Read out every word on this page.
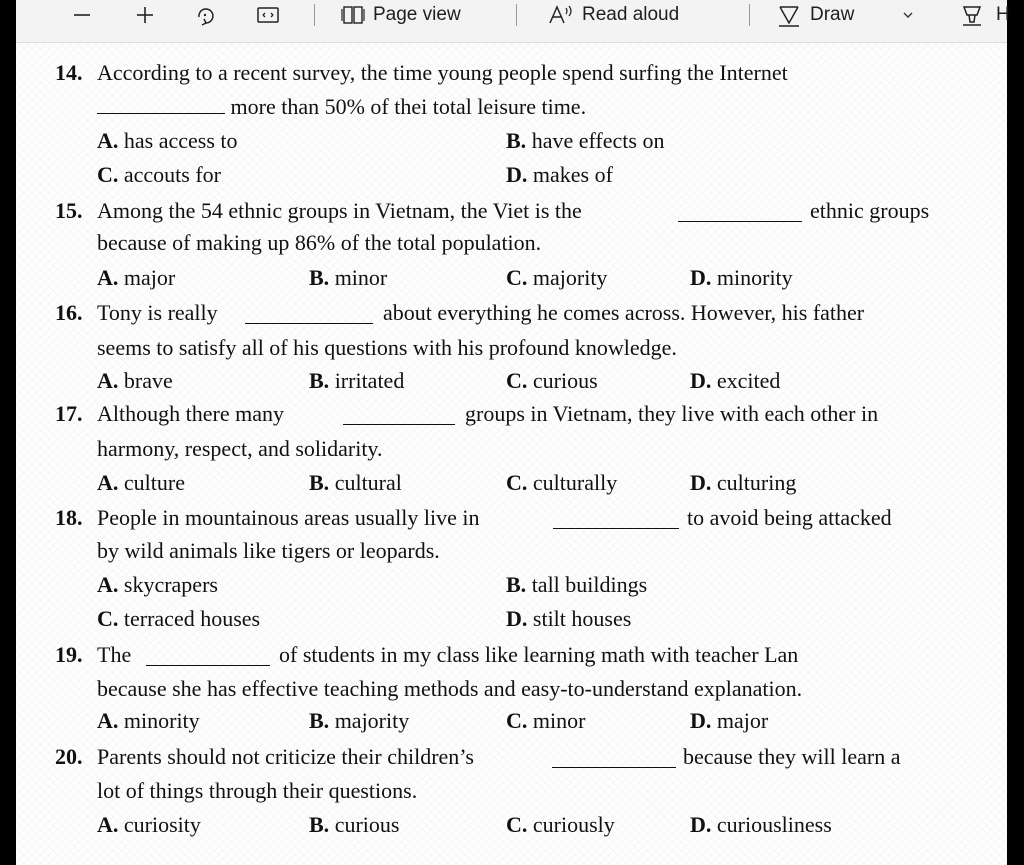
Page view	Read aloud	Draw	H
14. According to a recent survey, the time young people spend surfing the Internet
more than 50% of thei total leisure time.
A. has access to	B. have effects on
C. accouts for	D. makes of
15. Among the 54 ethnic groups in Vietnam, the Viet is the	ethnic groups
because of making up 86% of the total population.
A. major	B. minor	C. majority	D. minority
16. Tony is really	about everything he comes across. However, his father
seems to satisfy all of his questions with his profound knowledge.
A. brave	B. irritated	C. curious	D. excited
17. Although there many	groups in Vietnam, they live with each other in
harmony, respect, and solidarity.
A. culture	B. cultural	C. culturally	D. culturing
18. People in mountainous areas usually live in	to avoid being attacked
by wild animals like tigers or leopards.
A. skycrapers	B. tall buildings
C. terraced houses	D. stilt houses
19. The	of students in my class like learning math with teacher Lan
because she has effective teaching methods and easy-to-understand explanation.
A. minority	B. majority	C. minor	D. major
20. Parents should not criticize their children’s	because they will learn a
lot of things through their questions.
A. curiosity	B. curious	C. curiously	D. curiousliness
